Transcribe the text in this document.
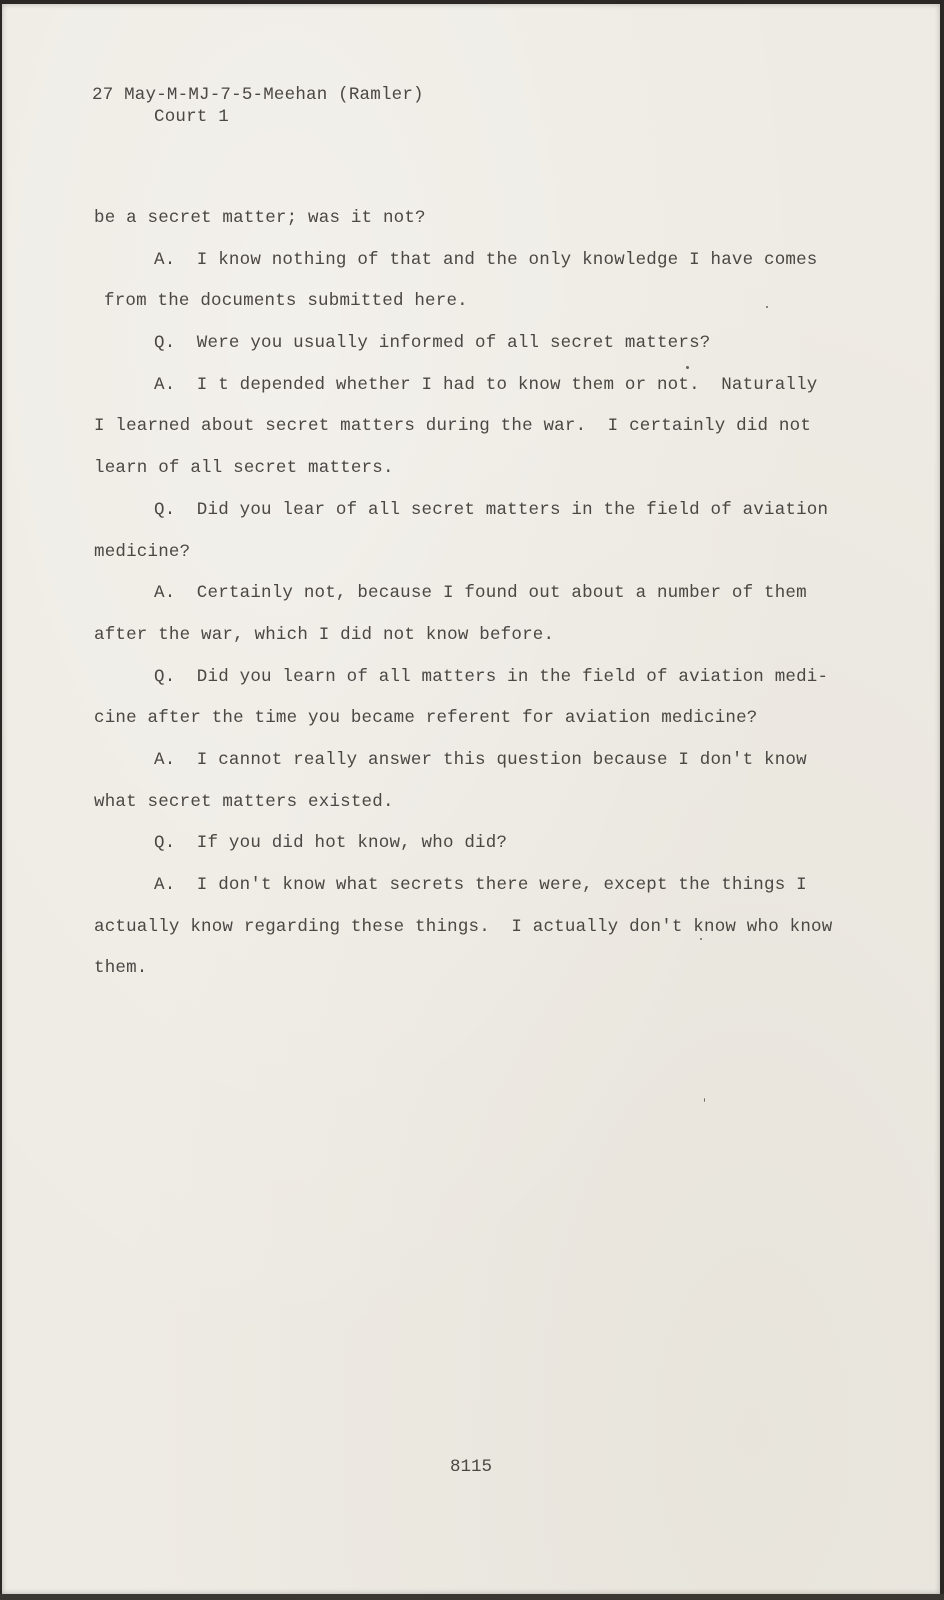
27 May-M-MJ-7-5-Meehan (Ramler)
Court 1
be a secret matter; was it not?
A.  I know nothing of that and the only knowledge I have comes
from the documents submitted here.
Q.  Were you usually informed of all secret matters?
A.  I t depended whether I had to know them or not.  Naturally
I learned about secret matters during the war.  I certainly did not
learn of all secret matters.
Q.  Did you lear of all secret matters in the field of aviation
medicine?
A.  Certainly not, because I found out about a number of them
after the war, which I did not know before.
Q.  Did you learn of all matters in the field of aviation medi-
cine after the time you became referent for aviation medicine?
A.  I cannot really answer this question because I don't know
what secret matters existed.
Q.  If you did hot know, who did?
A.  I don't know what secrets there were, except the things I
actually know regarding these things.  I actually don't know who know
them.
8115
